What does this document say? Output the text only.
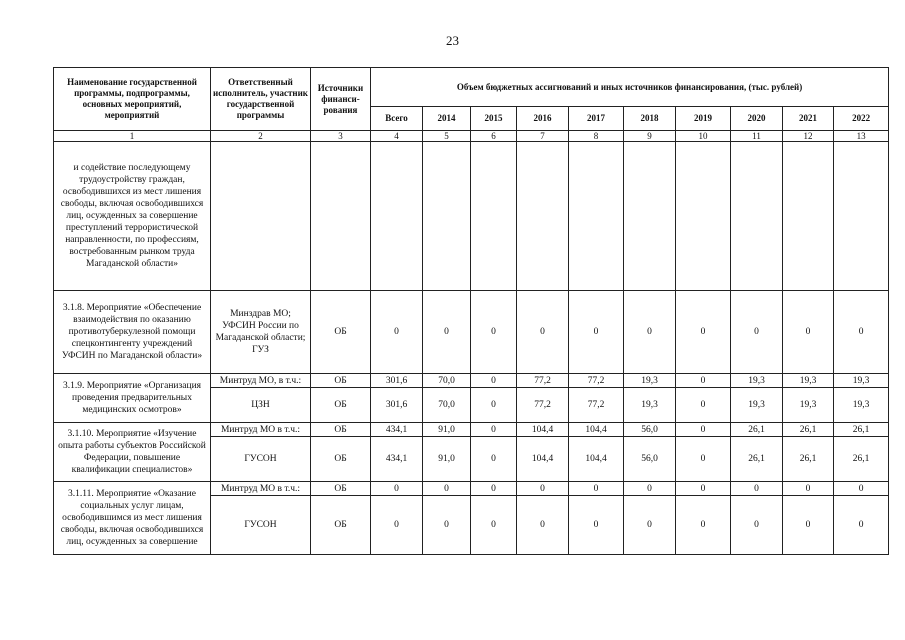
23
Наименование государственной программы, подпрограммы, основных мероприятий, мероприятий	Ответственный исполнитель, участник государственной программы	Источники финанси-рования	Объем бюджетных ассигнований и иных источников финансирования, (тыс. рублей)									
			Всего	2014	2015	2016	2017	2018	2019	2020	2021	2022
1	2	3	4	5	6	7	8	9	10	11	12	13
и содействие последующему трудоустройству граждан, освободившихся из мест лишения свободы, включая освободившихся лиц, осужденных за совершение преступлений террористической направленности, по профессиям, востребованным рынком труда Магаданской области»												
3.1.8. Мероприятие «Обеспечение взаимодействия по оказанию противотуберкулезной помощи спецконтингенту учреждений УФСИН по Магаданской области»	Минздрав МО; УФСИН России по Магаданской области; ГУЗ	ОБ	0	0	0	0	0	0	0	0	0	0
3.1.9. Мероприятие «Организация проведения предварительных медицинских осмотров»	Минтруд МО, в т.ч.:	ОБ	301,6	70,0	0	77,2	77,2	19,3	0	19,3	19,3	19,3
	ЦЗН	ОБ	301,6	70,0	0	77,2	77,2	19,3	0	19,3	19,3	19,3
3.1.10. Мероприятие «Изучение опыта работы субъектов Российской Федерации, повышение квалификации специалистов»	Минтруд МО в т.ч.:	ОБ	434,1	91,0	0	104,4	104,4	56,0	0	26,1	26,1	26,1
	ГУСОН	ОБ	434,1	91,0	0	104,4	104,4	56,0	0	26,1	26,1	26,1
3.1.11. Мероприятие «Оказание социальных услуг лицам, освободившимся из мест лишения свободы, включая освободившихся лиц, осужденных за совершение	Минтруд МО в т.ч.:	ОБ	0	0	0	0	0	0	0	0	0	0
	ГУСОН	ОБ	0	0	0	0	0	0	0	0	0	0
